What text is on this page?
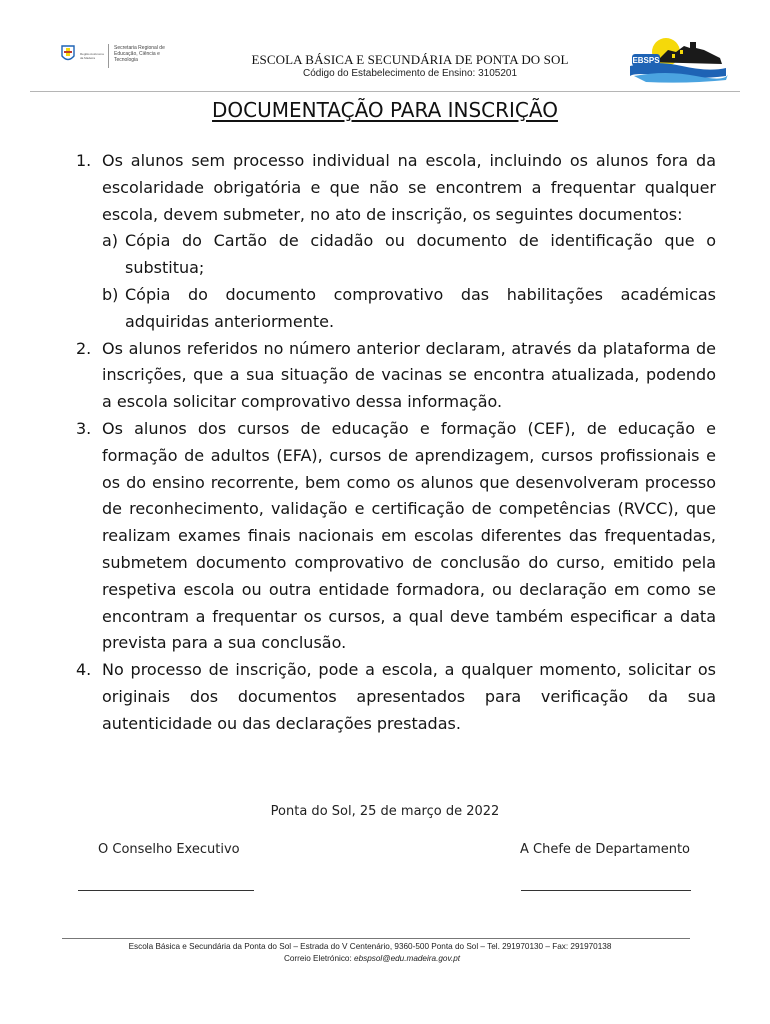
Região Autónoma da Madeira
Secretaria Regional de Educação, Ciência e Tecnologia	ESCOLA BÁSICA E SECUNDÁRIA DE PONTA DO SOL
Código do Estabelecimento de Ensino: 3105201
EBSPS
DOCUMENTAÇÃO PARA INSCRIÇÃO
1. Os alunos sem processo individual na escola, incluindo os alunos fora da escolaridade obrigatória e que não se encontrem a frequentar qualquer escola, devem submeter, no ato de inscrição, os seguintes documentos:
a) Cópia do Cartão de cidadão ou documento de identificação que o substitua;
b) Cópia do documento comprovativo das habilitações académicas adquiridas anteriormente.
2. Os alunos referidos no número anterior declaram, através da plataforma de inscrições, que a sua situação de vacinas se encontra atualizada, podendo a escola solicitar comprovativo dessa informação.
3. Os alunos dos cursos de educação e formação (CEF), de educação e formação de adultos (EFA), cursos de aprendizagem, cursos profissionais e os do ensino recorrente, bem como os alunos que desenvolveram processo de reconhecimento, validação e certificação de competências (RVCC), que realizam exames finais nacionais em escolas diferentes das frequentadas, submetem documento comprovativo de conclusão do curso, emitido pela respetiva escola ou outra entidade formadora, ou declaração em como se encontram a frequentar os cursos, a qual deve também especificar a data prevista para a sua conclusão.
4. No processo de inscrição, pode a escola, a qualquer momento, solicitar os originais dos documentos apresentados para verificação da sua autenticidade ou das declarações prestadas.
Ponta do Sol, 25 de março de 2022
O Conselho Executivo	A Chefe de Departamento
Escola Básica e Secundária da Ponta do Sol – Estrada do V Centenário, 9360-500 Ponta do Sol – Tel. 291970130 – Fax: 291970138
Correio Eletrónico: ebspsol@edu.madeira.gov.pt
